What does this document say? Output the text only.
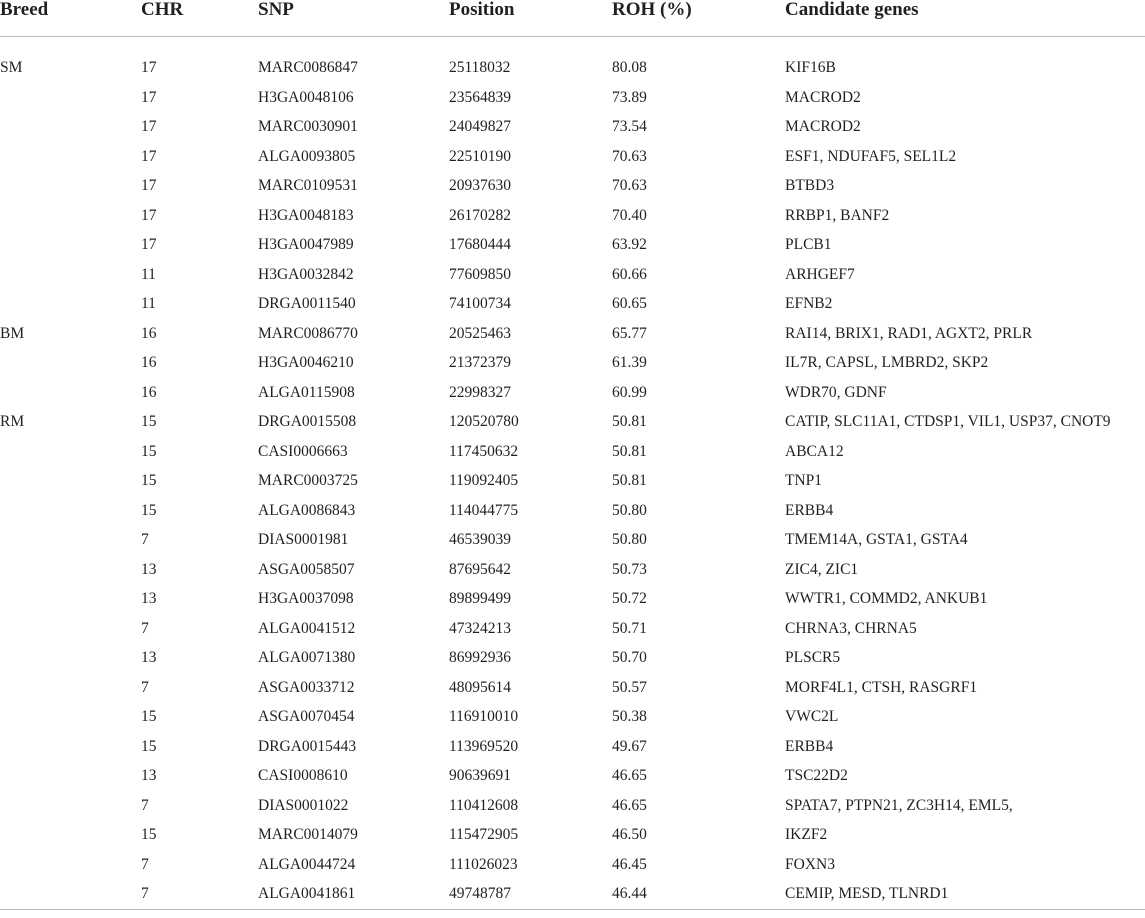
Breed	CHR	SNP	Position	ROH (%)	Candidate genes
SM	17	MARC0086847	25118032	80.08	KIF16B
	17	H3GA0048106	23564839	73.89	MACROD2
	17	MARC0030901	24049827	73.54	MACROD2
	17	ALGA0093805	22510190	70.63	ESF1, NDUFAF5, SEL1L2
	17	MARC0109531	20937630	70.63	BTBD3
	17	H3GA0048183	26170282	70.40	RRBP1, BANF2
	17	H3GA0047989	17680444	63.92	PLCB1
	11	H3GA0032842	77609850	60.66	ARHGEF7
	11	DRGA0011540	74100734	60.65	EFNB2
BM	16	MARC0086770	20525463	65.77	RAI14, BRIX1, RAD1, AGXT2, PRLR
	16	H3GA0046210	21372379	61.39	IL7R, CAPSL, LMBRD2, SKP2
	16	ALGA0115908	22998327	60.99	WDR70, GDNF
RM	15	DRGA0015508	120520780	50.81	CATIP, SLC11A1, CTDSP1, VIL1, USP37, CNOT9
	15	CASI0006663	117450632	50.81	ABCA12
	15	MARC0003725	119092405	50.81	TNP1
	15	ALGA0086843	114044775	50.80	ERBB4
	7	DIAS0001981	46539039	50.80	TMEM14A, GSTA1, GSTA4
	13	ASGA0058507	87695642	50.73	ZIC4, ZIC1
	13	H3GA0037098	89899499	50.72	WWTR1, COMMD2, ANKUB1
	7	ALGA0041512	47324213	50.71	CHRNA3, CHRNA5
	13	ALGA0071380	86992936	50.70	PLSCR5
	7	ASGA0033712	48095614	50.57	MORF4L1, CTSH, RASGRF1
	15	ASGA0070454	116910010	50.38	VWC2L
	15	DRGA0015443	113969520	49.67	ERBB4
	13	CASI0008610	90639691	46.65	TSC22D2
	7	DIAS0001022	110412608	46.65	SPATA7, PTPN21, ZC3H14, EML5,
	15	MARC0014079	115472905	46.50	IKZF2
	7	ALGA0044724	111026023	46.45	FOXN3
	7	ALGA0041861	49748787	46.44	CEMIP, MESD, TLNRD1
